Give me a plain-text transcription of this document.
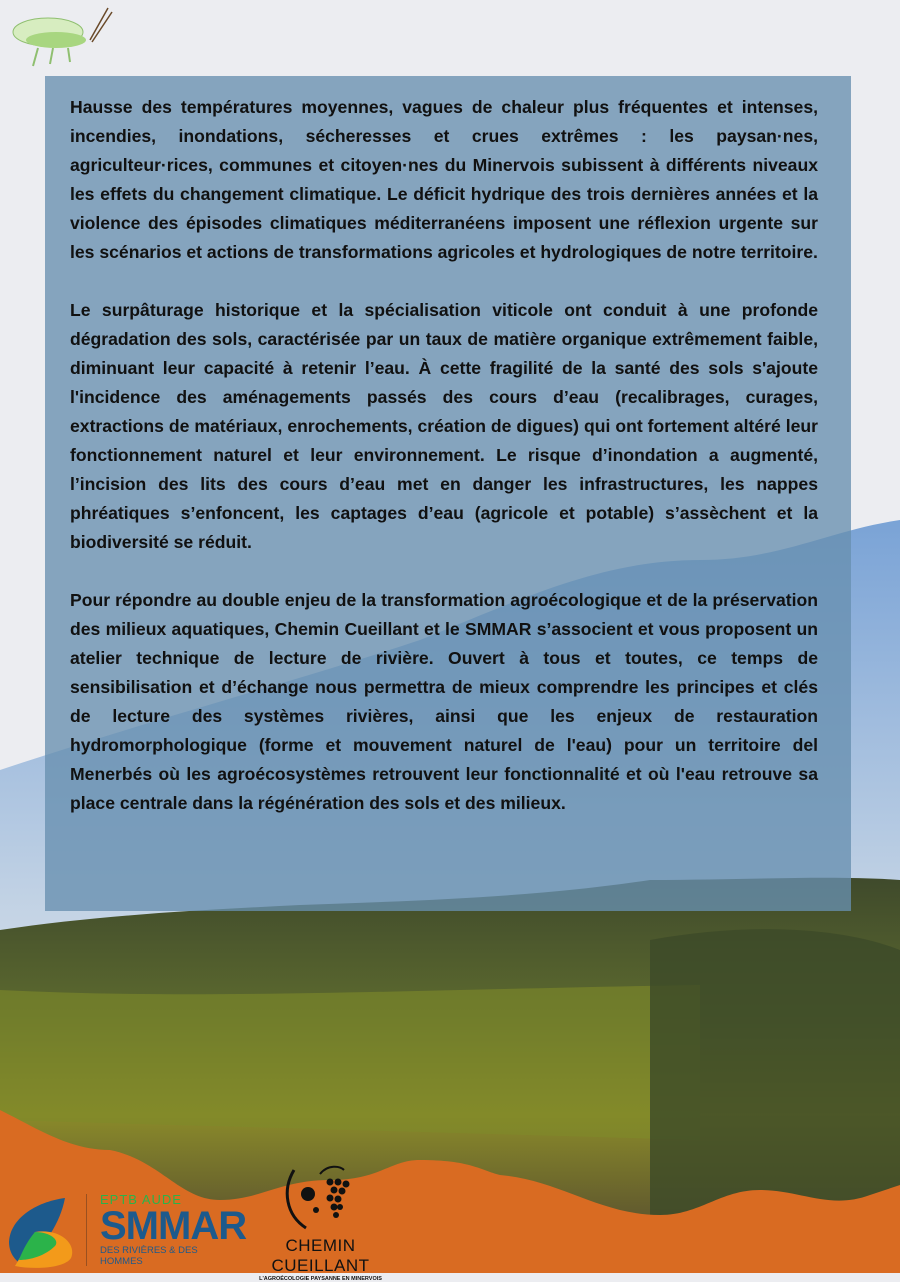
Hausse des températures moyennes, vagues de chaleur plus fréquentes et intenses, incendies, inondations, sécheresses et crues extrêmes : les paysan·nes, agriculteur·rices, communes et citoyen·nes du Minervois subissent à différents niveaux les effets du changement climatique. Le déficit hydrique des trois dernières années et la violence des épisodes climatiques méditerranéens imposent une réflexion urgente sur les scénarios et actions de transformations agricoles et hydrologiques de notre territoire.

Le surpâturage historique et la spécialisation viticole ont conduit à une profonde dégradation des sols, caractérisée par un taux de matière organique extrêmement faible, diminuant leur capacité à retenir l’eau. À cette fragilité de la santé des sols s'ajoute l'incidence des aménagements passés des cours d’eau (recalibrages, curages, extractions de matériaux, enrochements, création de digues) qui ont fortement altéré leur fonctionnement naturel et leur environnement. Le risque d’inondation a augmenté, l’incision des lits des cours d’eau met en danger les infrastructures, les nappes phréatiques s’enfoncent, les captages d’eau (agricole et potable) s’assèchent et la biodiversité se réduit.

Pour répondre au double enjeu de la transformation agroécologique et de la préservation des milieux aquatiques, Chemin Cueillant et le SMMAR s’associent et vous proposent un atelier technique de lecture de rivière. Ouvert à tous et toutes, ce temps de sensibilisation et d’échange nous permettra de mieux comprendre les principes et clés de lecture des systèmes rivières, ainsi que les enjeux de restauration hydromorphologique (forme et mouvement naturel de l'eau) pour un territoire del Menerbés où les agroécosystèmes retrouvent leur fonctionnalité et où l'eau retrouve sa place centrale dans la régénération des sols et des milieux.

EPTB AUDE
SMMAR
DES RIVIÈRES & DES HOMMES
CHEMIN CUEILLANT
L'AGROÉCOLOGIE PAYSANNE EN MINERVOIS
